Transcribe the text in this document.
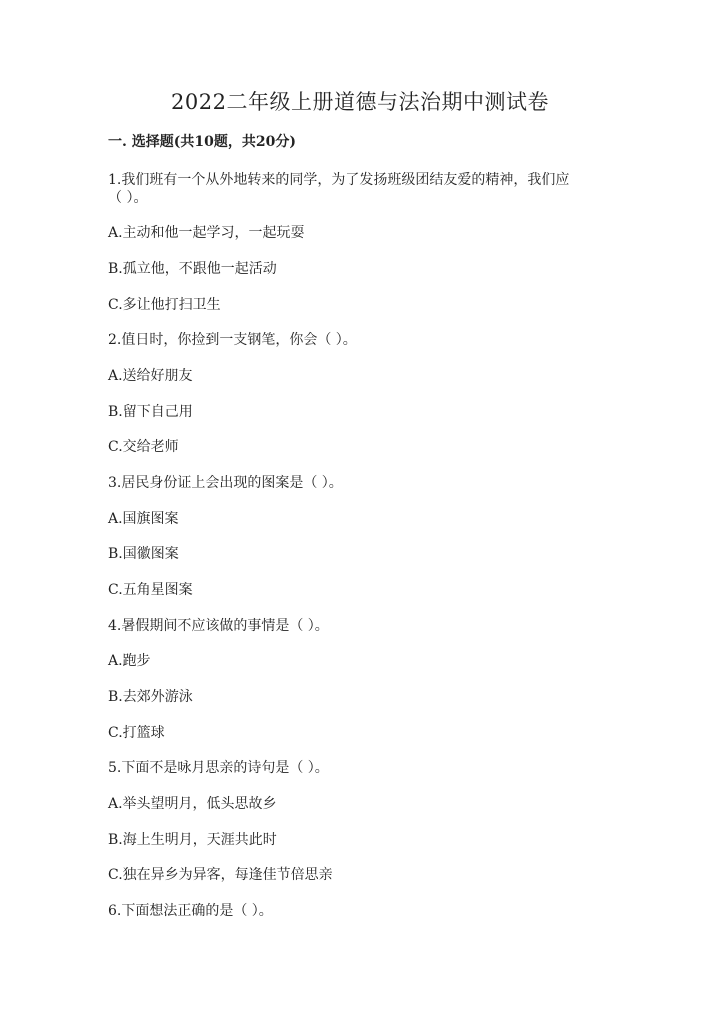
2022二年级上册道德与法治期中测试卷
一. 选择题(共10题，共20分)
1.我们班有一个从外地转来的同学，为了发扬班级团结友爱的精神，我们应
（ ）。
A.主动和他一起学习，一起玩耍
B.孤立他，不跟他一起活动
C.多让他打扫卫生
2.值日时，你捡到一支钢笔，你会（ ）。
A.送给好朋友
B.留下自己用
C.交给老师
3.居民身份证上会出现的图案是（ ）。
A.国旗图案
B.国徽图案
C.五角星图案
4.暑假期间不应该做的事情是（ ）。
A.跑步
B.去郊外游泳
C.打篮球
5.下面不是咏月思亲的诗句是（ ）。
A.举头望明月，低头思故乡
B.海上生明月，天涯共此时
C.独在异乡为异客，每逢佳节倍思亲
6.下面想法正确的是（ ）。
